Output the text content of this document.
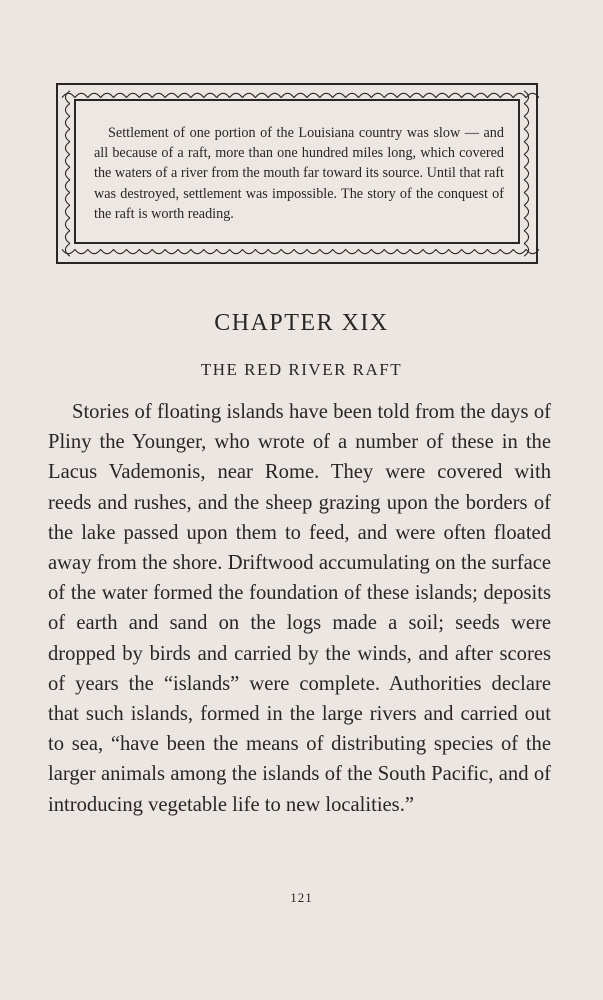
Settlement of one portion of the Louisiana country was slow — and all because of a raft, more than one hundred miles long, which covered the waters of a river from the mouth far toward its source. Until that raft was destroyed, settlement was impossible. The story of the conquest of the raft is worth reading.

CHAPTER XIX
THE RED RIVER RAFT

Stories of floating islands have been told from the days of Pliny the Younger, who wrote of a number of these in the Lacus Vademonis, near Rome. They were covered with reeds and rushes, and the sheep grazing upon the borders of the lake passed upon them to feed, and were often floated away from the shore. Driftwood accumulating on the surface of the water formed the foundation of these islands; deposits of earth and sand on the logs made a soil; seeds were dropped by birds and carried by the winds, and after scores of years the “islands” were complete. Authorities declare that such islands, formed in the large rivers and carried out to sea, “have been the means of distributing species of the larger animals among the islands of the South Pacific, and of introducing vegetable life to new localities.”

121
